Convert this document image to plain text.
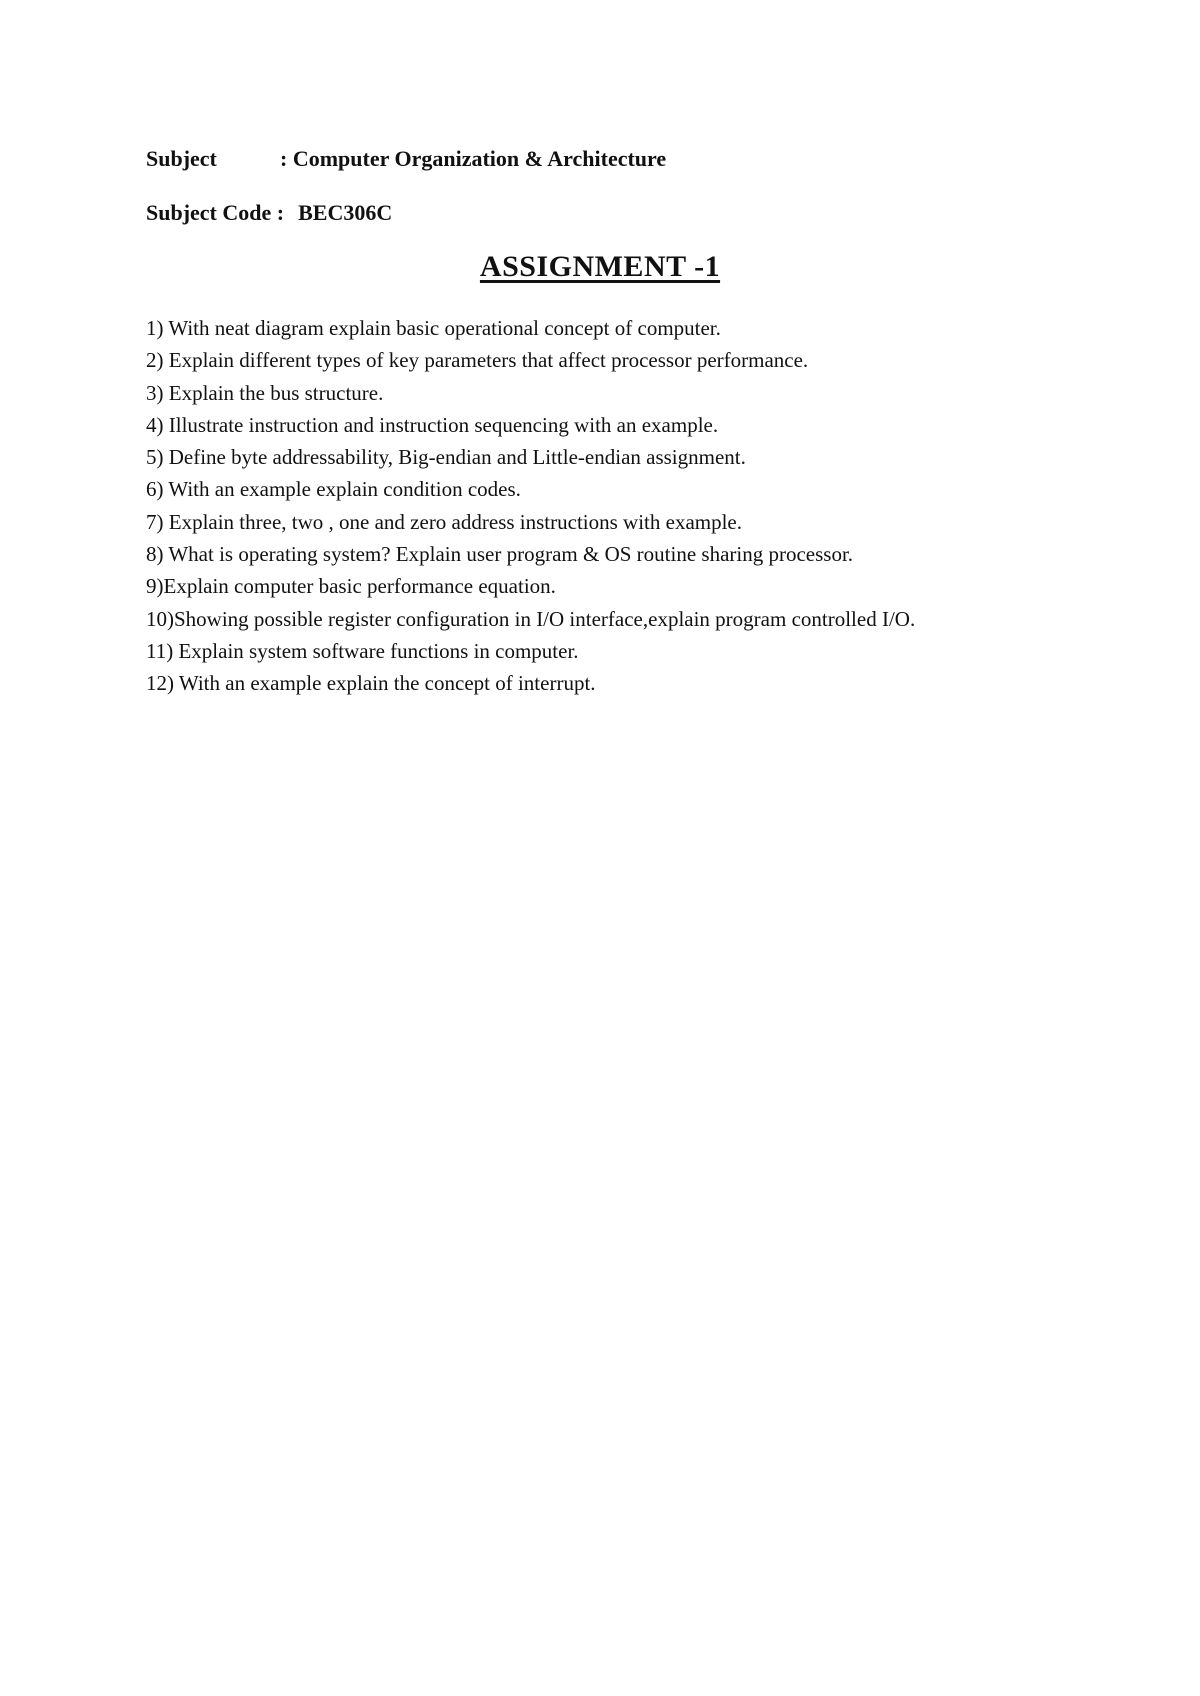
Subject	: Computer Organization & Architecture
Subject Code : BEC306C
ASSIGNMENT -1
1) With neat diagram explain basic operational concept of computer.
2) Explain different types of key parameters that affect processor performance.
3) Explain the bus structure.
4) Illustrate instruction and instruction sequencing with an example.
5) Define byte addressability, Big-endian and Little-endian assignment.
6) With an example explain condition codes.
7) Explain three, two , one and zero address instructions with example.
8) What is operating system? Explain user program & OS routine sharing processor.
9)Explain computer basic performance equation.
10)Showing possible register configuration in I/O interface,explain program controlled I/O.
11) Explain system software functions in computer.
12) With an example explain the concept of interrupt.
